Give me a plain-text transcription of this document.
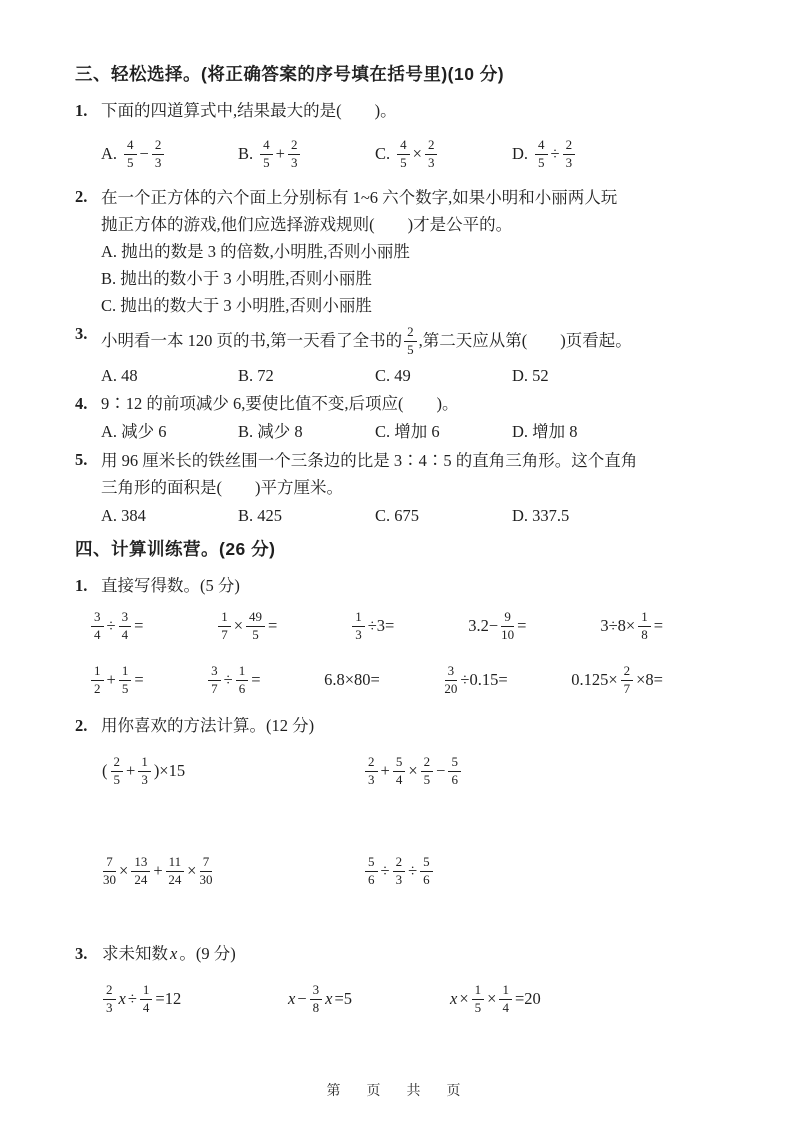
三、轻松选择。(将正确答案的序号填在括号里)(10 分)
1. 下面的四道算式中,结果最大的是(　　)。
A. $\frac{4}{5} - \frac{2}{3}$	B. $\frac{4}{5} + \frac{2}{3}$	C. $\frac{4}{5} \times \frac{2}{3}$	D. $\frac{4}{5} \div \frac{2}{3}$
2. 在一个正方体的六个面上分别标有 1~6 六个数字,如果小明和小丽两人玩
抛正方体的游戏,他们应选择游戏规则(　　)才是公平的。
A. 抛出的数是 3 的倍数,小明胜,否则小丽胜
B. 抛出的数小于 3 小明胜,否则小丽胜
C. 抛出的数大于 3 小明胜,否则小丽胜
3. 小明看一本 120 页的书,第一天看了全书的 $\frac{2}{5}$ ,第二天应从第(　　)页看起。
A. 48	B. 72	C. 49	D. 52
4. 9∶12 的前项减少 6,要使比值不变,后项应(　　)。
A. 减少 6	B. 减少 8	C. 增加 6	D. 增加 8
5. 用 96 厘米长的铁丝围一个三条边的比是 3∶4∶5 的直角三角形。这个直角
三角形的面积是(　　)平方厘米。
A. 384	B. 425	C. 675	D. 337.5
四、计算训练营。(26 分)
1. 直接写得数。(5 分)
$\frac{3}{4} \div \frac{3}{4}$ =	$\frac{1}{7} \times \frac{49}{5}$ =	$\frac{1}{3} \div 3=$	$3.2- \frac{9}{10}$ =	$3\div 8\times \frac{1}{8}$ =
$\frac{1}{2} + \frac{1}{5}$ =	$\frac{3}{7} \div \frac{1}{6}$ =	6.8×80=	$\frac{3}{20} \div 0.15=$	$0.125\times \frac{2}{7} \times 8=$
2. 用你喜欢的方法计算。(12 分)
( $\frac{2}{5} + \frac{1}{3} )\times 15$	$\frac{2}{3} + \frac{5}{4} \times \frac{2}{5} - \frac{5}{6}$
$\frac{7}{30} \times \frac{13}{24} + \frac{11}{24} \times \frac{7}{30}$	$\frac{5}{6} \div \frac{2}{3} \div \frac{5}{6}$
3. 求未知数 x 。(9 分)
$\frac{2}{3}$ $x \div \frac{1}{4} =12$	$x - \frac{3}{8}$ x =5	$x \times \frac{1}{5} \times \frac{1}{4} =20$
第　页　共　页
